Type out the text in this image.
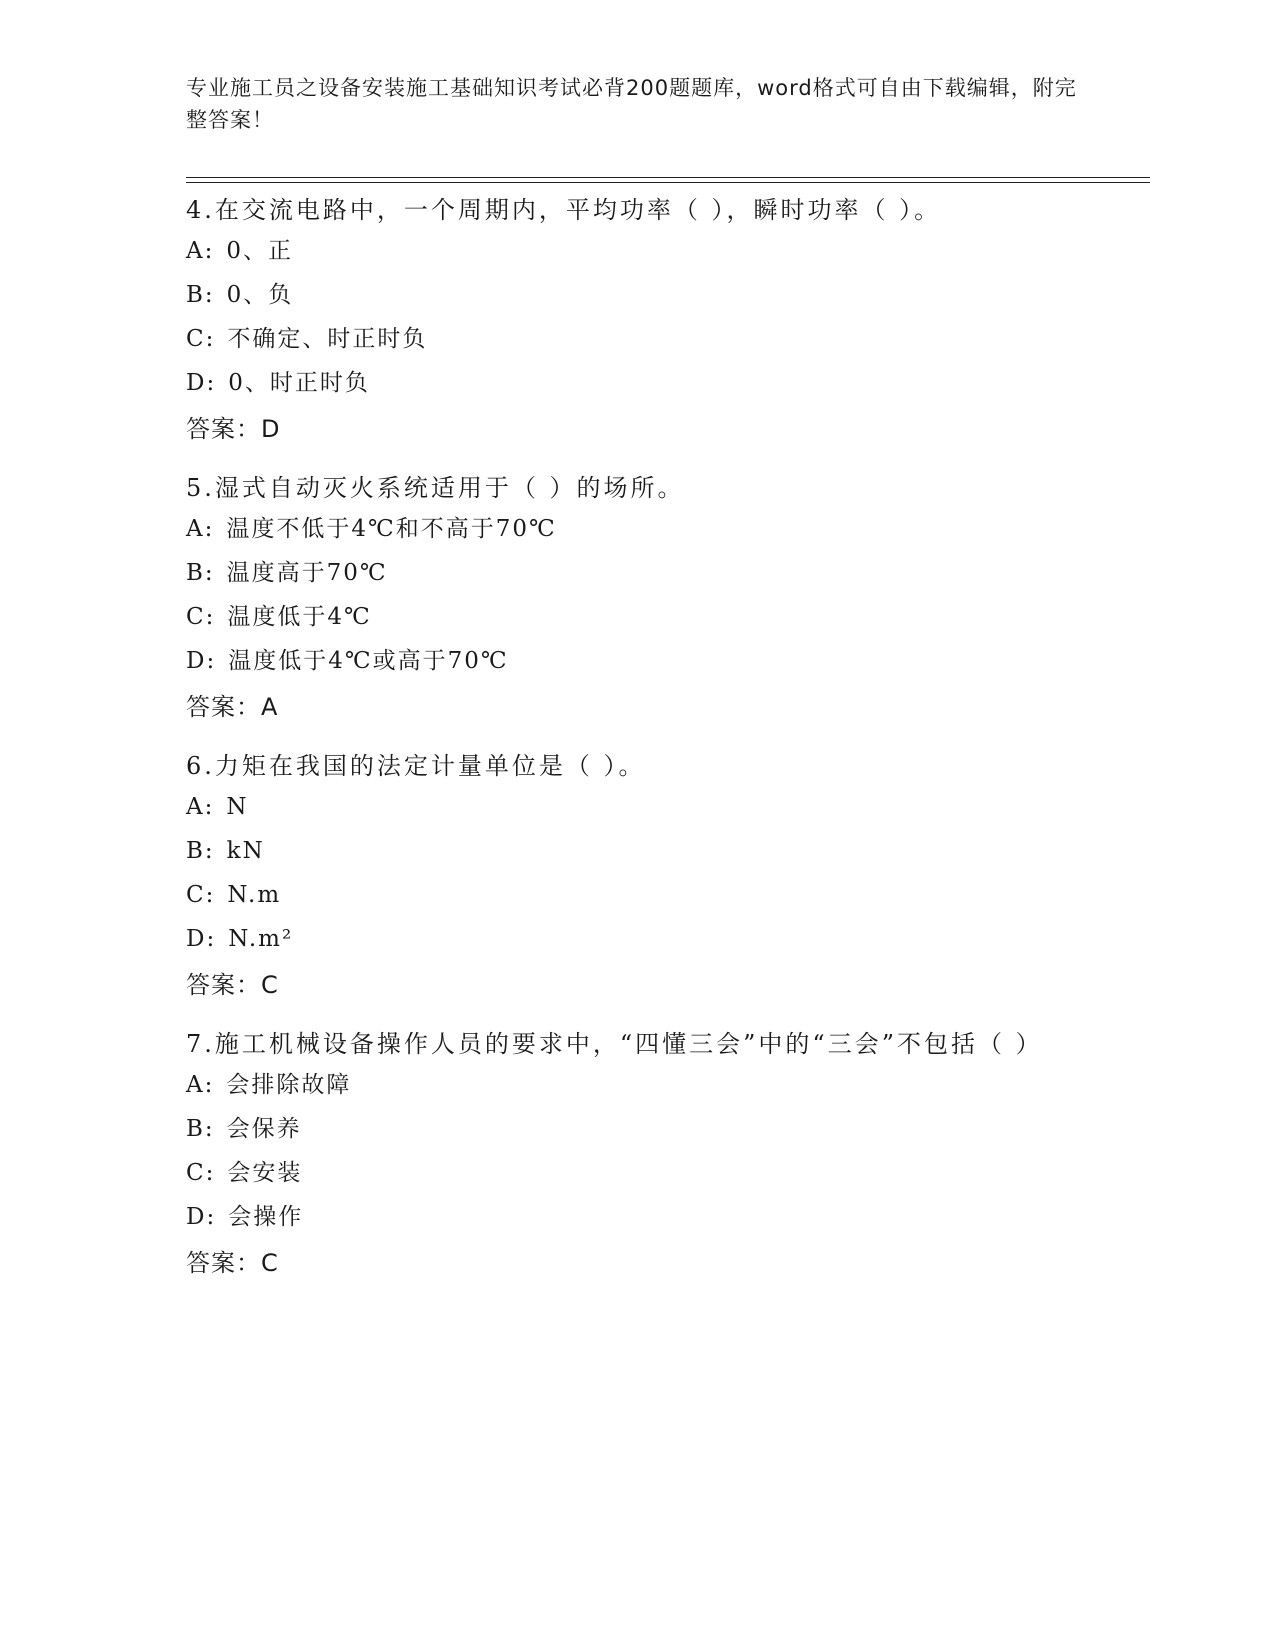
专业施工员之设备安装施工基础知识考试必背200题题库，word格式可自由下载编辑，附完整答案！
4.在交流电路中，一个周期内，平均功率（ ），瞬时功率（ ）。
A: 0、正
B: 0、负
C: 不确定、时正时负
D: 0、时正时负
答案：D
5.湿式自动灭火系统适用于（ ）的场所。
A: 温度不低于4℃和不高于70℃
B: 温度高于70℃
C: 温度低于4℃
D: 温度低于4℃或高于70℃
答案：A
6.力矩在我国的法定计量单位是（ ）。
A: N
B: kN
C: N.m
D: N.m²
答案：C
7.施工机械设备操作人员的要求中，“四懂三会”中的“三会”不包括（ ）
A: 会排除故障
B: 会保养
C: 会安装
D: 会操作
答案：C
